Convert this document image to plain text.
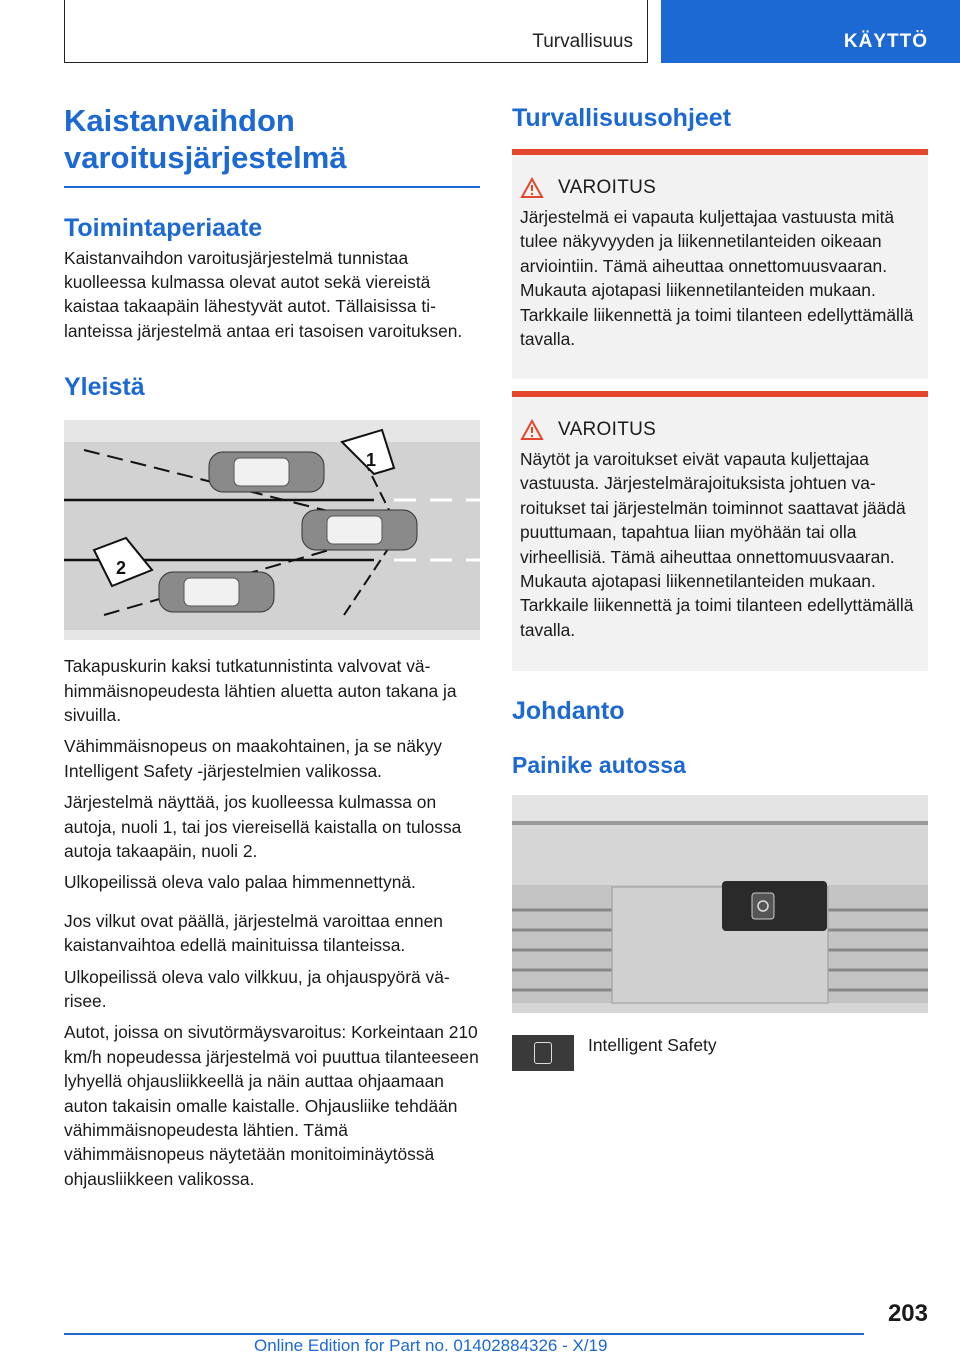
Turvallisuus	KÄYTTÖ
Kaistanvaihdon
varoitusjärjestelmä
Toimintaperiaate

Kaistanvaihdon varoitusjärjestelmä tunnistaa kuolleessa kulmassa olevat autot sekä viereistä kaistaa takaapäin lähestyvät autot. Tällaisissa tilanteissa järjestelmä antaa eri tasoisen varoituksen.

Yleistä
1
2

Takapuskurin kaksi tutkatunnistinta valvovat vähimmäisnopeudesta lähtien aluetta auton takana ja sivuilla.

Vähimmäisnopeus on maakohtainen, ja se näkyy Intelligent Safety -järjestelmien valikossa.

Järjestelmä näyttää, jos kuolleessa kulmassa on autoja, nuoli 1, tai jos viereisellä kaistalla on tulossa autoja takaapäin, nuoli 2.

Ulkopeilissä oleva valo palaa himmennettynä.

Jos vilkut ovat päällä, järjestelmä varoittaa ennen kaistanvaihtoa edellä mainituissa tilanteissa.

Ulkopeilissä oleva valo vilkkuu, ja ohjauspyörä värisee.

Autot, joissa on sivutörmäysvaroitus: Korkeintaan 210 km/h nopeudessa järjestelmä voi puuttua tilanteeseen lyhyellä ohjausliikkeellä ja näin auttaa ohjaamaan auton takaisin omalle kaistalle. Ohjausliike tehdään vähimmäisnopeudesta lähtien. Tämä vähimmäisnopeus näytetään monitoiminäytössä ohjausliikkeen valikossa.

Turvallisuusohjeet
VAROITUS

Järjestelmä ei vapauta kuljettajaa vastuusta mitä tulee näkyvyyden ja liikennetilanteiden oikeaan arviointiin. Tämä aiheuttaa onnettomuusvaaran. Mukauta ajotapasi liikennetilanteiden mukaan. Tarkkaile liikennettä ja toimi tilanteen edellyttämällä tavalla.

VAROITUS

Näytöt ja varoitukset eivät vapauta kuljettajaa vastuusta. Järjestelmärajoituksista johtuen varoitukset tai järjestelmän toiminnot saattavat jäädä puuttumaan, tapahtua liian myöhään tai olla virheellisiä. Tämä aiheuttaa onnettomuusvaaran. Mukauta ajotapasi liikennetilanteiden mukaan. Tarkkaile liikennettä ja toimi tilanteen edellyttämällä tavalla.

Johdanto
Painike autossa

Intelligent Safety

203
Online Edition for Part no. 01402884326 - X/19
